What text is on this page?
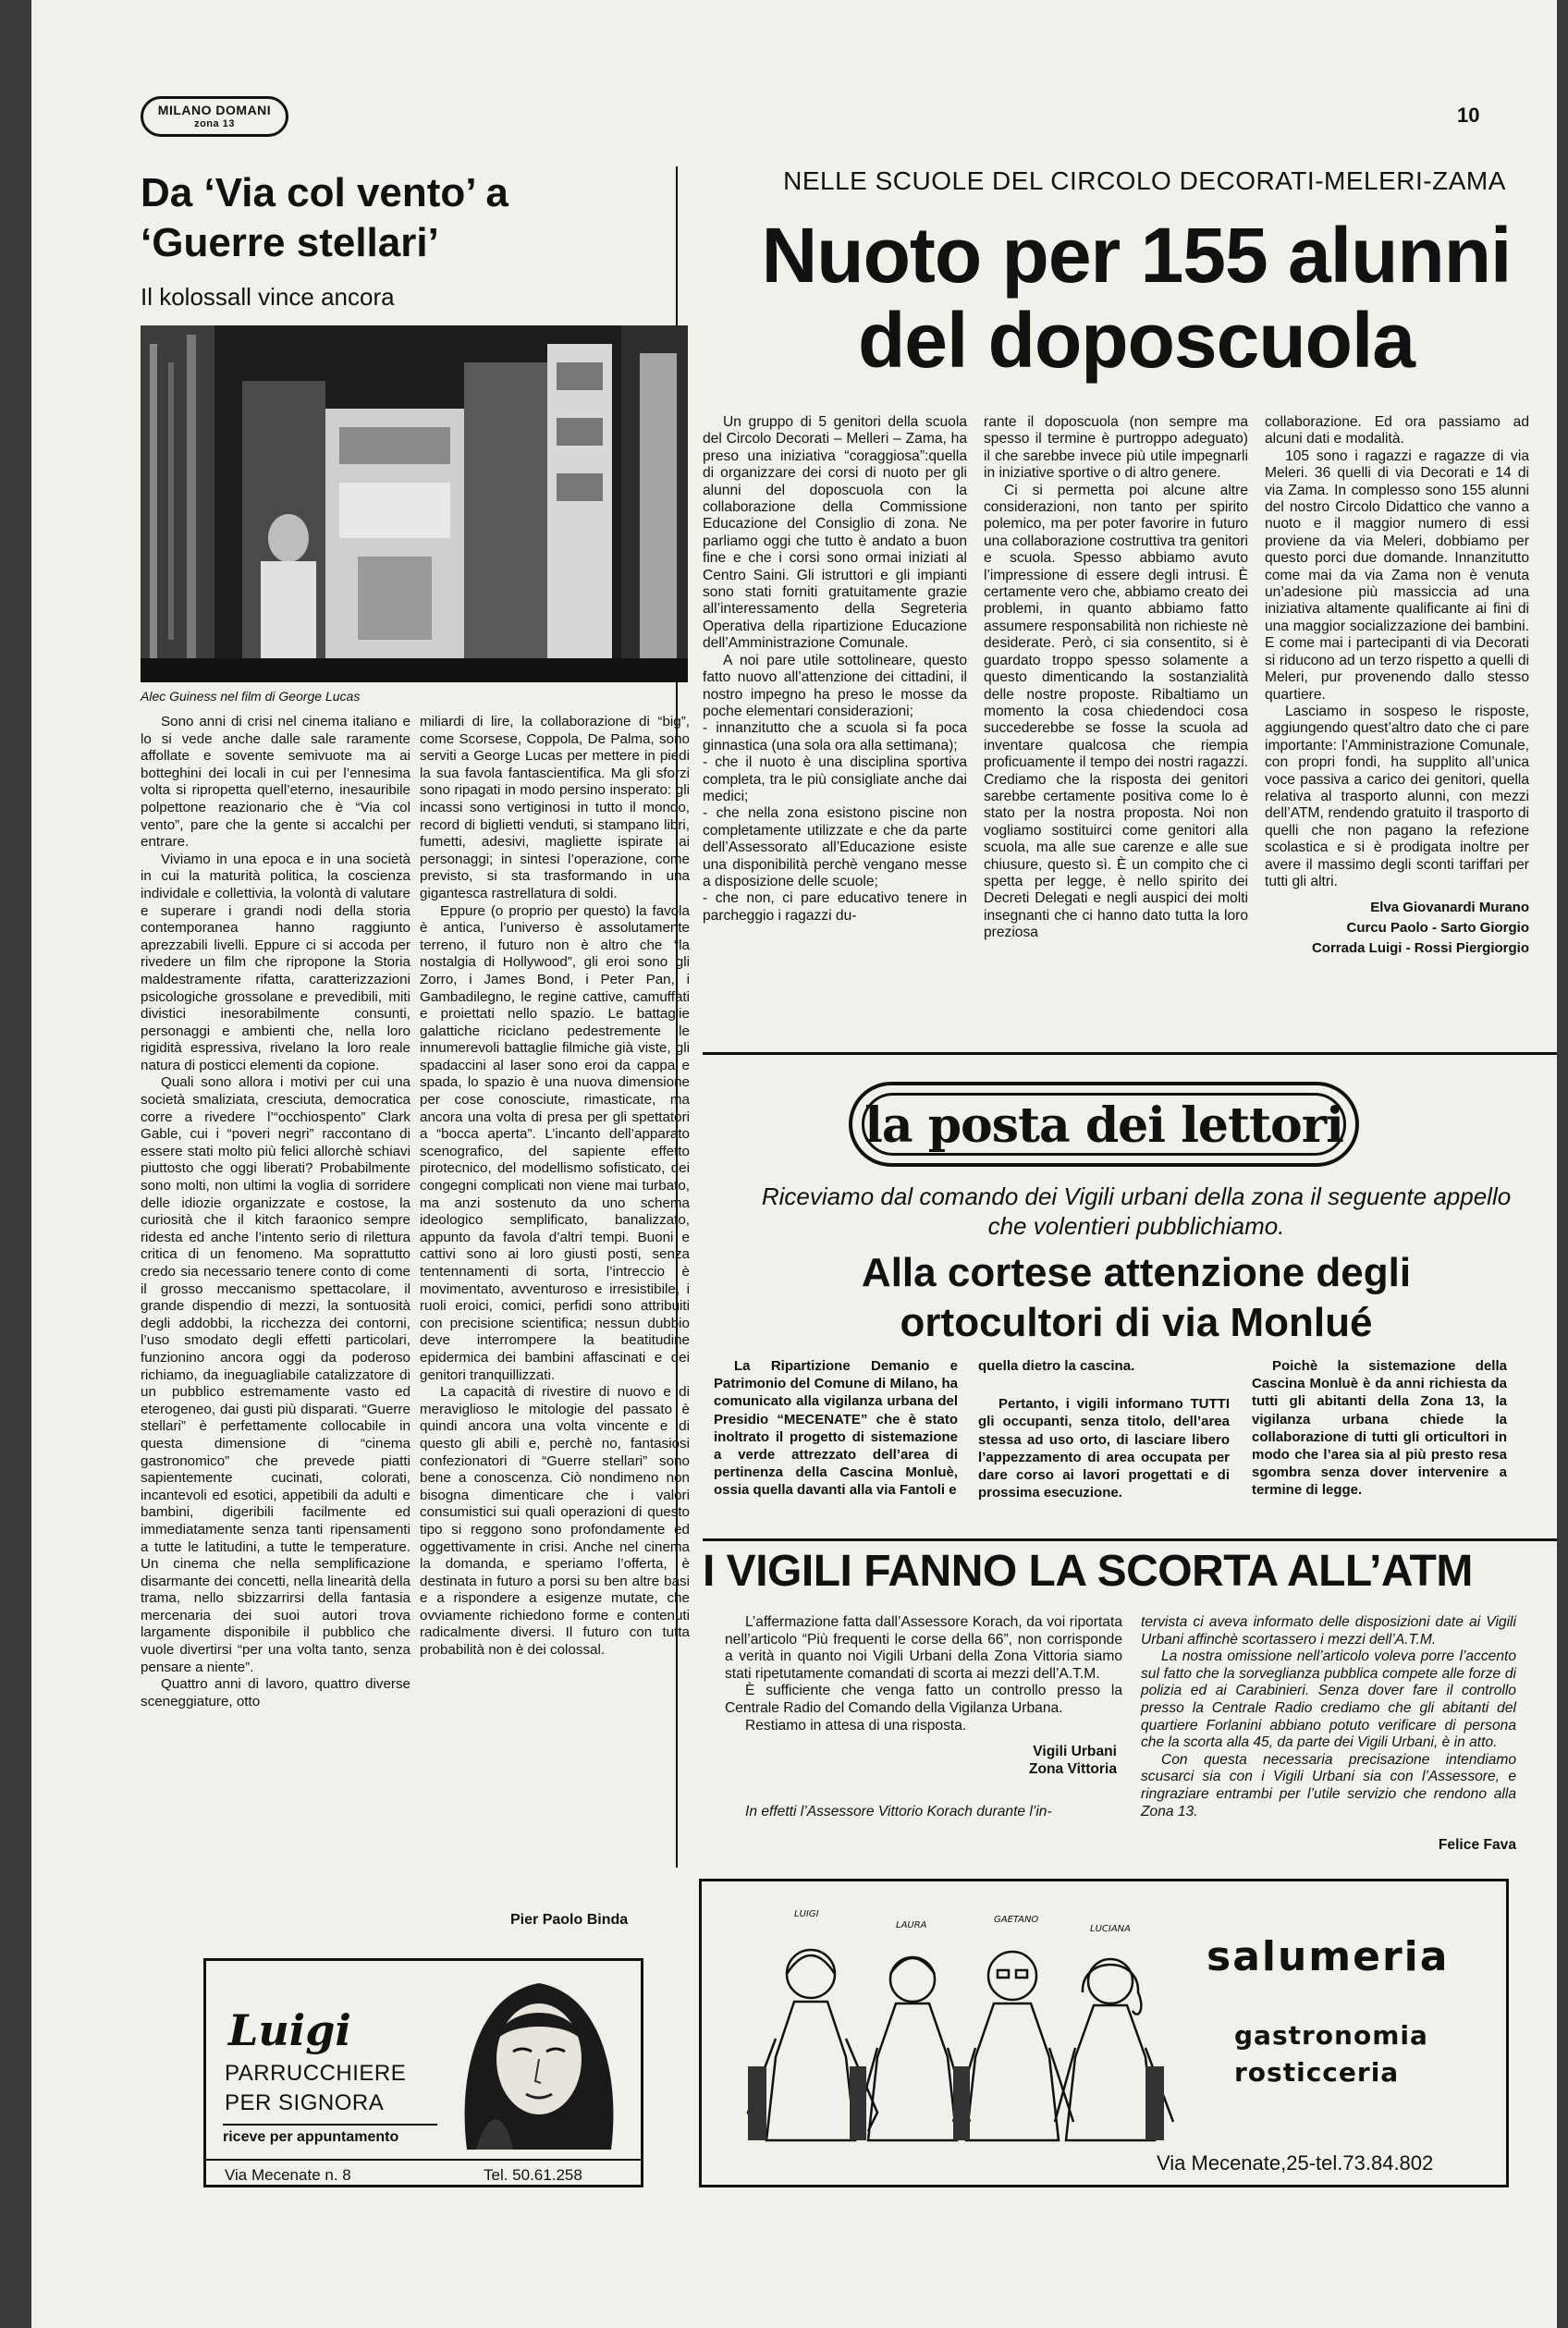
MILANO DOMANI
zona 13	10
Da ‘Via col vento’ a
‘Guerre stellari’
Il kolossall vince ancora
Alec Guiness nel film di George Lucas

Sono anni di crisi nel cinema italiano e lo si vede anche dalle sale raramente affollate e sovente semivuote ma ai botteghini dei locali in cui per l’ennesima volta si ripropetta quell’eterno, inesauribile polpettone reazionario che è “Via col vento”, pare che la gente si accalchi per entrare.

Viviamo in una epoca e in una società in cui la maturità politica, la coscienza individale e collettivia, la volontà di valutare e superare i grandi nodi della storia contemporanea hanno raggiunto aprezzabili livelli. Eppure ci si accoda per rivedere un film che ripropone la Storia maldestramente rifatta, caratterizzazioni psicologiche grossolane e prevedibili, miti divistici inesorabilmente consunti, personaggi e ambienti che, nella loro rigidità espressiva, rivelano la loro reale natura di posticci elementi da copione.

Quali sono allora i motivi per cui una società smaliziata, cresciuta, democratica corre a rivedere l’“occhiospento” Clark Gable, cui i “poveri negri” raccontano di essere stati molto più felici allorchè schiavi piuttosto che oggi liberati? Probabilmente sono molti, non ultimi la voglia di sorridere delle idiozie organizzate e costose, la curiosità che il kitch faraonico sempre ridesta ed anche l’intento serio di rilettura critica di un fenomeno. Ma soprattutto credo sia necessario tenere conto di come il grosso meccanismo spettacolare, il grande dispendio di mezzi, la sontuosità degli addobbi, la ricchezza dei contorni, l’uso smodato degli effetti particolari, funzionino ancora oggi da poderoso richiamo, da ineguagliabile catalizzatore di un pubblico estremamente vasto ed eterogeneo, dai gusti più disparati. “Guerre stellari” è perfettamente collocabile in questa dimensione di “cinema gastronomico” che prevede piatti sapientemente cucinati, colorati, incantevoli ed esotici, appetibili da adulti e bambini, digeribili facilmente ed immediatamente senza tanti ripensamenti a tutte le latitudini, a tutte le temperature. Un cinema che nella semplificazione disarmante dei concetti, nella linearità della trama, nello sbizzarrirsi della fantasia mercenaria dei suoi autori trova largamente disponibile il pubblico che vuole divertirsi “per una volta tanto, senza pensare a niente”.

Quattro anni di lavoro, quattro diverse sceneggiature, otto

miliardi di lire, la collaborazione di “big”, come Scorsese, Coppola, De Palma, sono serviti a George Lucas per mettere in piedi la sua favola fantascientifica. Ma gli sforzi sono ripagati in modo persino insperato: gli incassi sono vertiginosi in tutto il mondo, record di biglietti venduti, si stampano libri, fumetti, adesivi, magliette ispirate ai personaggi; in sintesi l’operazione, come previsto, si sta trasformando in una gigantesca rastrellatura di soldi.

Eppure (o proprio per questo) la favola è antica, l’universo è assolutamente terreno, il futuro non è altro che “la nostalgia di Hollywood”, gli eroi sono gli Zorro, i James Bond, i Peter Pan, i Gambadilegno, le regine cattive, camuffati e proiettati nello spazio. Le battaglie galattiche riciclano pedestremente le innumerevoli battaglie filmiche già viste, gli spadaccini al laser sono eroi da cappa e spada, lo spazio è una nuova dimensione per cose conosciute, rimasticate, ma ancora una volta di presa per gli spettatori a “bocca aperta”. L’incanto dell’apparato scenografico, del sapiente effetto pirotecnico, del modellismo sofisticato, dei congegni complicati non viene mai turbato, ma anzi sostenuto da uno schema ideologico semplificato, banalizzato, appunto da favola d’altri tempi. Buoni e cattivi sono ai loro giusti posti, senza tentennamenti di sorta, l’intreccio è movimentato, avventuroso e irresistibile, i ruoli eroici, comici, perfidi sono attribuiti con precisione scientifica; nessun dubbio deve interrompere la beatitudine epidermica dei bambini affascinati e dei genitori tranquillizzati.

La capacità di rivestire di nuovo e di meraviglioso le mitologie del passato è quindi ancora una volta vincente e di questo gli abili e, perchè no, fantasiosi confezionatori di “Guerre stellari” sono bene a conoscenza. Ciò nondimeno non bisogna dimenticare che i valori consumistici sui quali operazioni di questo tipo si reggono sono profondamente ed oggettivamente in crisi. Anche nel cinema la domanda, e speriamo l’offerta, è destinata in futuro a porsi su ben altre basi e a rispondere a esigenze mutate, che ovviamente richiedono forme e contenuti radicalmente diversi. Il futuro con tutta probabilità non è dei colossal.

Pier Paolo Binda
NELLE SCUOLE DEL CIRCOLO DECORATI-MELERI-ZAMA
Nuoto per 155 alunni
del doposcuola

Un gruppo di 5 genitori della scuola del Circolo Decorati – Melleri – Zama, ha preso una iniziativa “coraggiosa”:quella di organizzare dei corsi di nuoto per gli alunni del doposcuola con la collaborazione della Commissione Educazione del Consiglio di zona. Ne parliamo oggi che tutto è andato a buon fine e che i corsi sono ormai iniziati al Centro Saini. Gli istruttori e gli impianti sono stati forniti gratuitamente grazie all’interessamento della Segreteria Operativa della ripartizione Educazione dell’Amministrazione Comunale.

A noi pare utile sottolineare, questo fatto nuovo all’attenzione dei cittadini, il nostro impegno ha preso le mosse da poche elementari considerazioni;

- innanzitutto che a scuola si fa poca ginnastica (una sola ora alla settimana);

- che il nuoto è una disciplina sportiva completa, tra le più consigliate anche dai medici;

- che nella zona esistono piscine non completamente utilizzate e che da parte dell’Assessorato all’Educazione esiste una disponibilità perchè vengano messe a disposizione delle scuole;

- che non, ci pare educativo tenere in parcheggio i ragazzi du-

rante il doposcuola (non sempre ma spesso il termine è purtroppo adeguato) il che sarebbe invece più utile impegnarli in iniziative sportive o di altro genere.

Ci si permetta poi alcune altre considerazioni, non tanto per spirito polemico, ma per poter favorire in futuro una collaborazione costruttiva tra genitori e scuola. Spesso abbiamo avuto l’impressione di essere degli intrusi. È certamente vero che, abbiamo creato dei problemi, in quanto abbiamo fatto assumere responsabilità non richieste nè desiderate. Però, ci sia consentito, si è guardato troppo spesso solamente a questo dimenticando la sostanzialità delle nostre proposte. Ribaltiamo un momento la cosa chiedendoci cosa succederebbe se fosse la scuola ad inventare qualcosa che riempia proficuamente il tempo dei nostri ragazzi. Crediamo che la risposta dei genitori sarebbe certamente positiva come lo è stato per la nostra proposta. Noi non vogliamo sostituirci come genitori alla scuola, ma alle sue carenze e alle sue chiusure, questo sì. È un compito che ci spetta per legge, è nello spirito dei Decreti Delegati e negli auspici dei molti insegnanti che ci hanno dato tutta la loro preziosa

collaborazione. Ed ora passiamo ad alcuni dati e modalità.

105 sono i ragazzi e ragazze di via Meleri. 36 quelli di via Decorati e 14 di via Zama. In complesso sono 155 alunni del nostro Circolo Didattico che vanno a nuoto e il maggior numero di essi proviene da via Meleri, dobbiamo per questo porci due domande. Innanzitutto come mai da via Zama non è venuta un’adesione più massiccia ad una iniziativa altamente qualificante ai fini di una maggior socializzazione dei bambini. E come mai i partecipanti di via Decorati si riducono ad un terzo rispetto a quelli di Meleri, pur provenendo dallo stesso quartiere.

Lasciamo in sospeso le risposte, aggiungendo quest’altro dato che ci pare importante: l’Amministrazione Comunale, con propri fondi, ha supplito all’unica voce passiva a carico dei genitori, quella relativa al trasporto alunni, con mezzi dell’ATM, rendendo gratuito il trasporto di quelli che non pagano la refezione scolastica e si è prodigata inoltre per avere il massimo degli sconti tariffari per tutti gli altri.

Elva Giovanardi Murano
Curcu Paolo - Sarto Giorgio
Corrada Luigi - Rossi Piergiorgio
la posta dei lettori
Riceviamo dal comando dei Vigili urbani della zona il seguente appello
che volentieri pubblichiamo.
Alla cortese attenzione degli
ortocultori di via Monlué

La Ripartizione Demanio e Patrimonio del Comune di Milano, ha comunicato alla vigilanza urbana del Presidio “MECENATE” che è stato inoltrato il progetto di sistemazione a verde attrezzato dell’area di pertinenza della Cascina Monluè, ossia quella davanti alla via Fantoli e

quella dietro la cascina.

Pertanto, i vigili informano TUTTI gli occupanti, senza titolo, dell’area stessa ad uso orto, di lasciare libero l’appezzamento di area occupata per dare corso ai lavori progettati e di prossima esecuzione.

Poichè la sistemazione della Cascina Monluè è da anni richiesta da tutti gli abitanti della Zona 13, la vigilanza urbana chiede la collaborazione di tutti gli orticultori in modo che l’area sia al più presto resa sgombra senza dover intervenire a termine di legge.

I VIGILI FANNO LA SCORTA ALL’ATM

L’affermazione fatta dall’Assessore Korach, da voi riportata nell’articolo “Più frequenti le corse della 66”, non corrisponde a verità in quanto noi Vigili Urbani della Zona Vittoria siamo stati ripetutamente comandati di scorta ai mezzi dell’A.T.M.

È sufficiente che venga fatto un controllo presso la Centrale Radio del Comando della Vigilanza Urbana.

Restiamo in attesa di una risposta.

Vigili Urbani
Zona Vittoria

In effetti l’Assessore Vittorio Korach durante l’in-

tervista ci aveva informato delle disposizioni date ai Vigili Urbani affinchè scortassero i mezzi dell’A.T.M.

La nostra omissione nell’articolo voleva porre l’accento sul fatto che la sorveglianza pubblica compete alle forze di polizia ed ai Carabinieri. Senza dover fare il controllo presso la Centrale Radio crediamo che gli abitanti del quartiere Forlanini abbiano potuto verificare di persona che la scorta alla 45, da parte dei Vigili Urbani, è in atto.

Con questa necessaria precisazione intendiamo scusarci sia con i Vigili Urbani sia con l’Assessore, e ringraziare entrambi per l’utile servizio che rendono alla Zona 13.

Felice Fava
Luigi
PARRUCCHIERE
PER SIGNORA
riceve per appuntamento
Via Mecenate n. 8	Tel. 50.61.258
LUIGI
LAURA
GAETANO
LUCIANA
salumeria
gastronomia
rosticceria
Via Mecenate,25-tel.73.84.802
